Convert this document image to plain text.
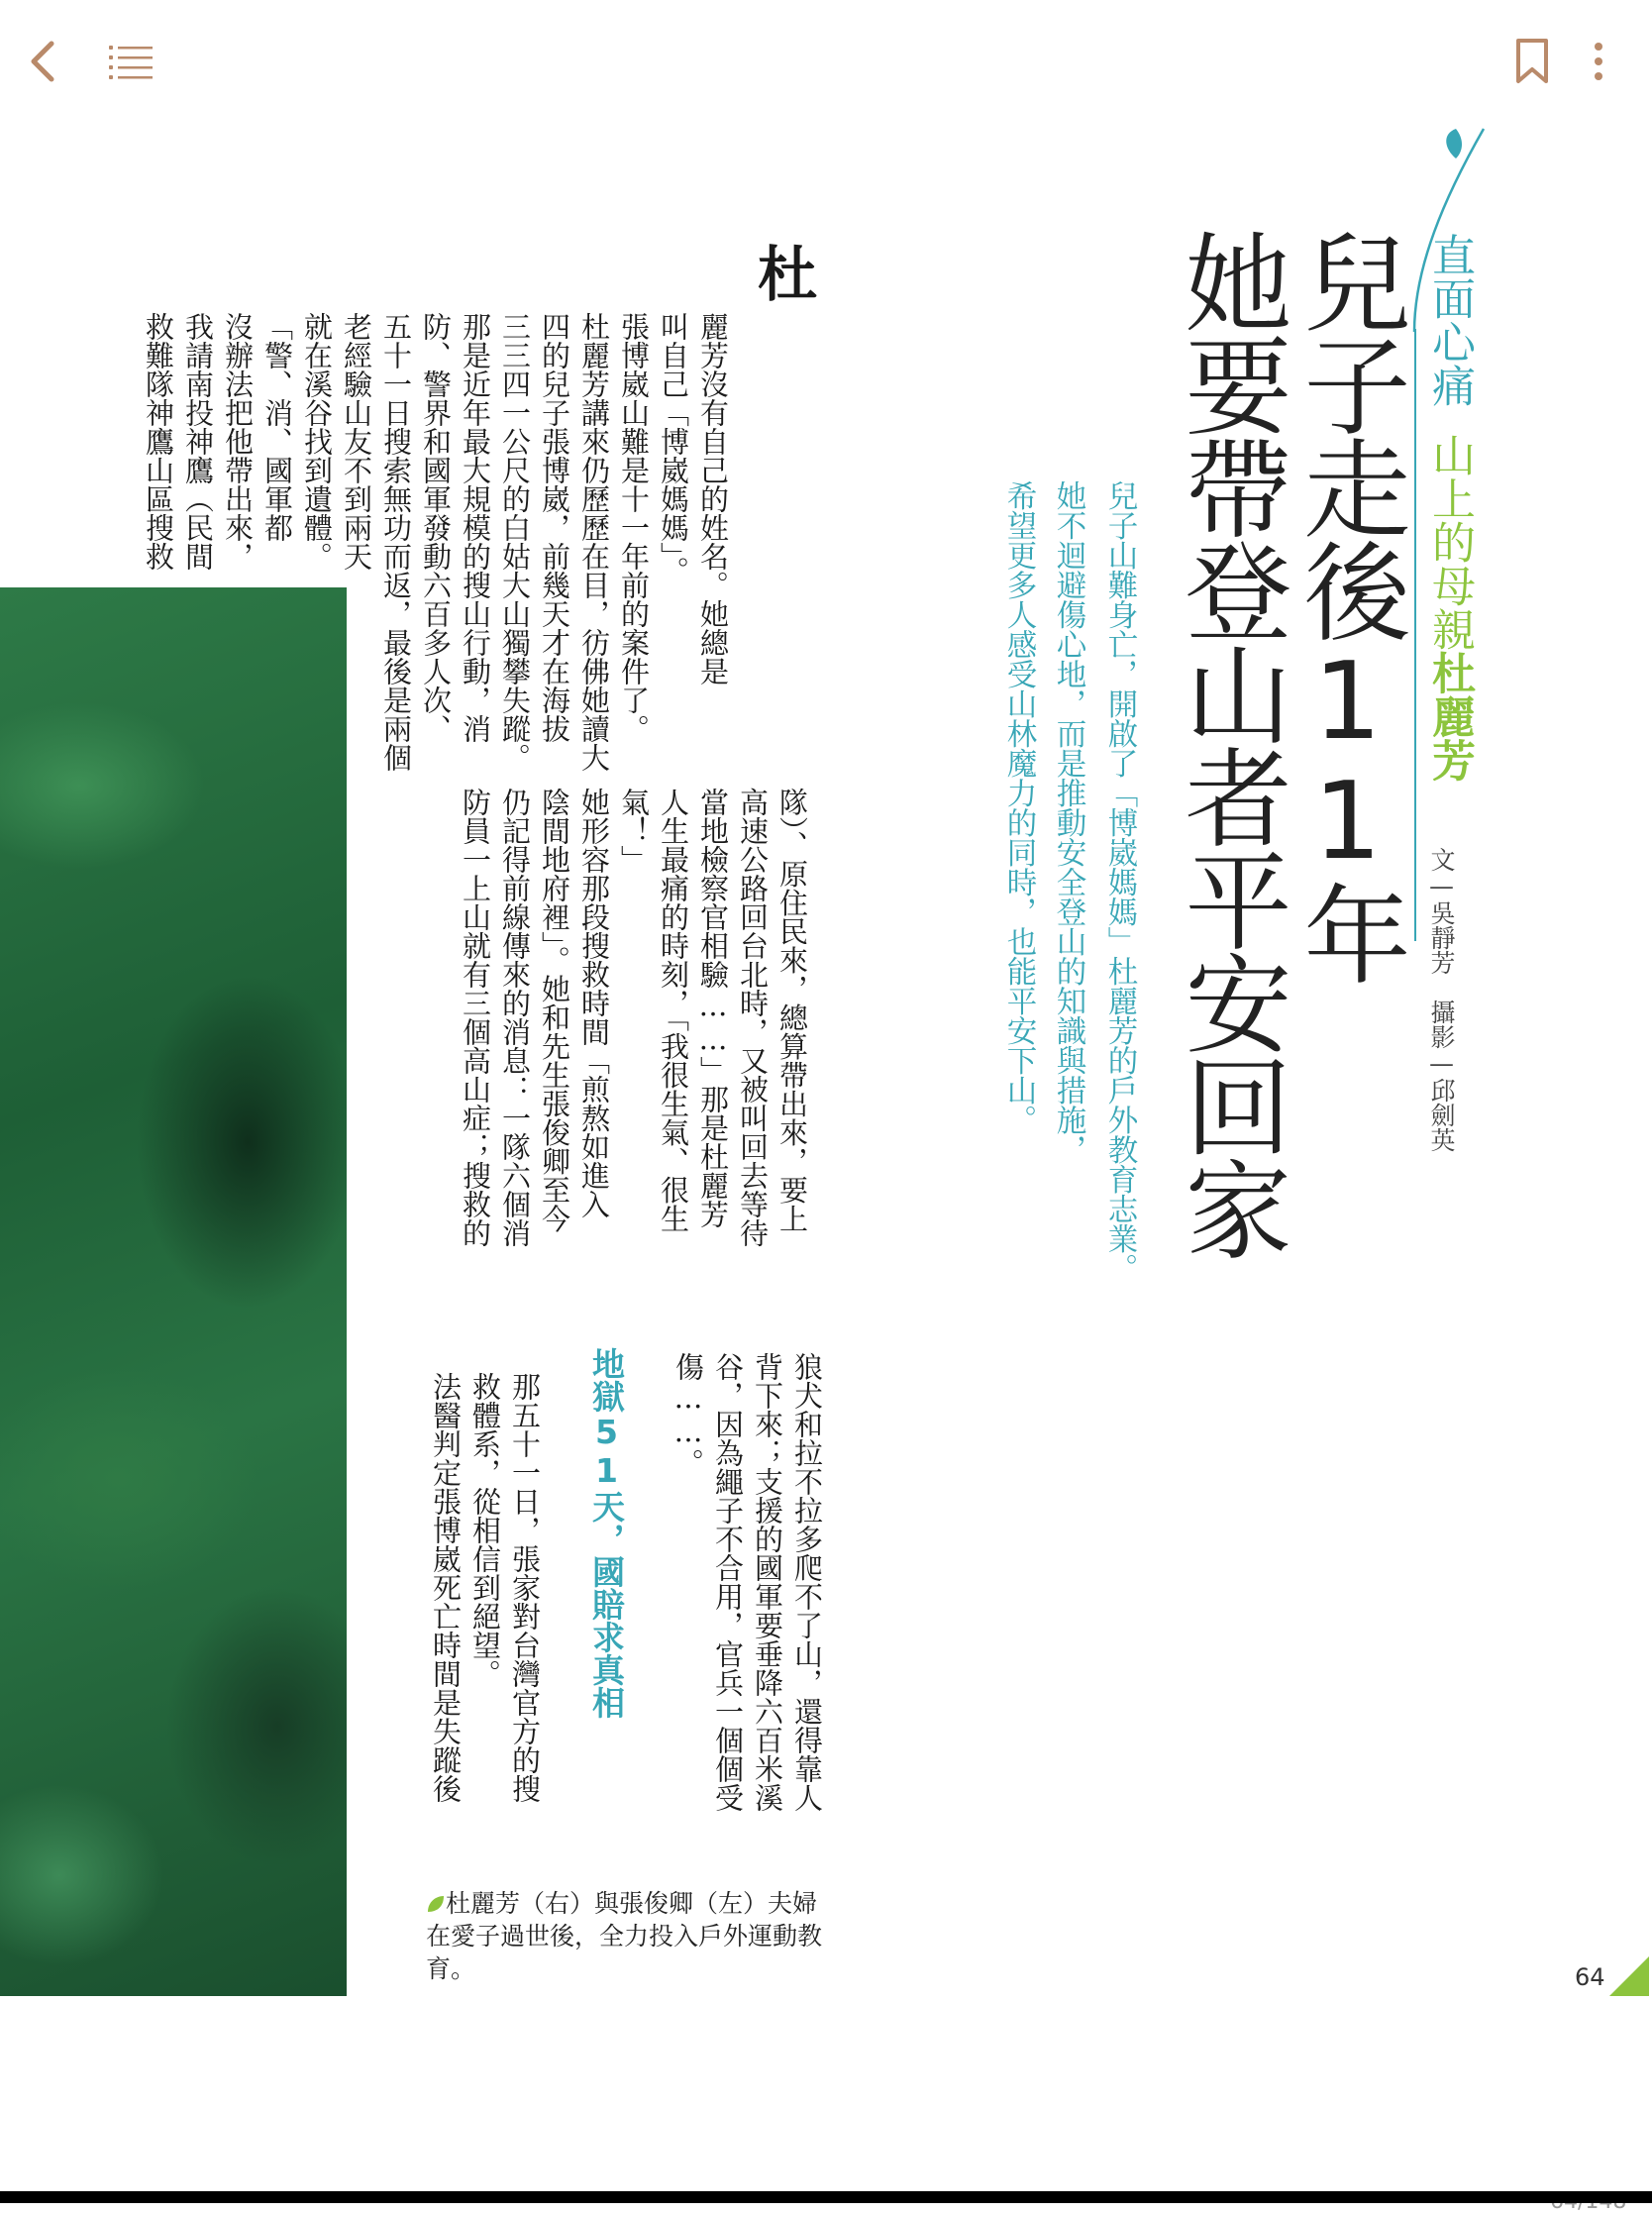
直面心痛山上的母親杜麗芳
兒子走後11年
她要帶登山者平安回家	文—吳靜芳　攝影—邱劍英
兒子山難身亡，開啟了「博崴媽媽」杜麗芳的戶外教育志業。
她不迴避傷心地，而是推動安全登山的知識與措施，
希望更多人感受山林魔力的同時，也能平安下山。
杜
麗芳沒有自己的姓名。她總是
叫自己「博崴媽媽」。
張博崴山難是十一年前的案件了。
杜麗芳講來仍歷歷在目，彷佛她讀大
四的兒子張博崴，前幾天才在海拔
三三四一公尺的白姑大山獨攀失蹤。
那是近年最大規模的搜山行動，消
防、警界和國軍發動六百多人次、
五十一日搜索無功而返，最後是兩個
老經驗山友不到兩天
就在溪谷找到遺體。
「警、消、國軍都
沒辦法把他帶出來，
我請南投神鷹（民間
救難隊神鷹山區搜救
隊）、原住民來，總算帶出來，要上
高速公路回台北時，又被叫回去等待
當地檢察官相驗……」那是杜麗芳
人生最痛的時刻，「我很生氣、很生
氣！」
她形容那段搜救時間「煎熬如進入
陰間地府裡」。她和先生張俊卿至今
仍記得前線傳來的消息：一隊六個消
防員一上山就有三個高山症；搜救的
狼犬和拉不拉多爬不了山，還得靠人
背下來；支援的國軍要垂降六百米溪
谷，因為繩子不合用，官兵一個個受
傷……。
地獄51天，國賠求真相
那五十一日，張家對台灣官方的搜
救體系，從相信到絕望。
法醫判定張博崴死亡時間是失蹤後
杜麗芳（右）與張俊卿（左）夫婦在愛子過世後，全力投入戶外運動教育。	64
